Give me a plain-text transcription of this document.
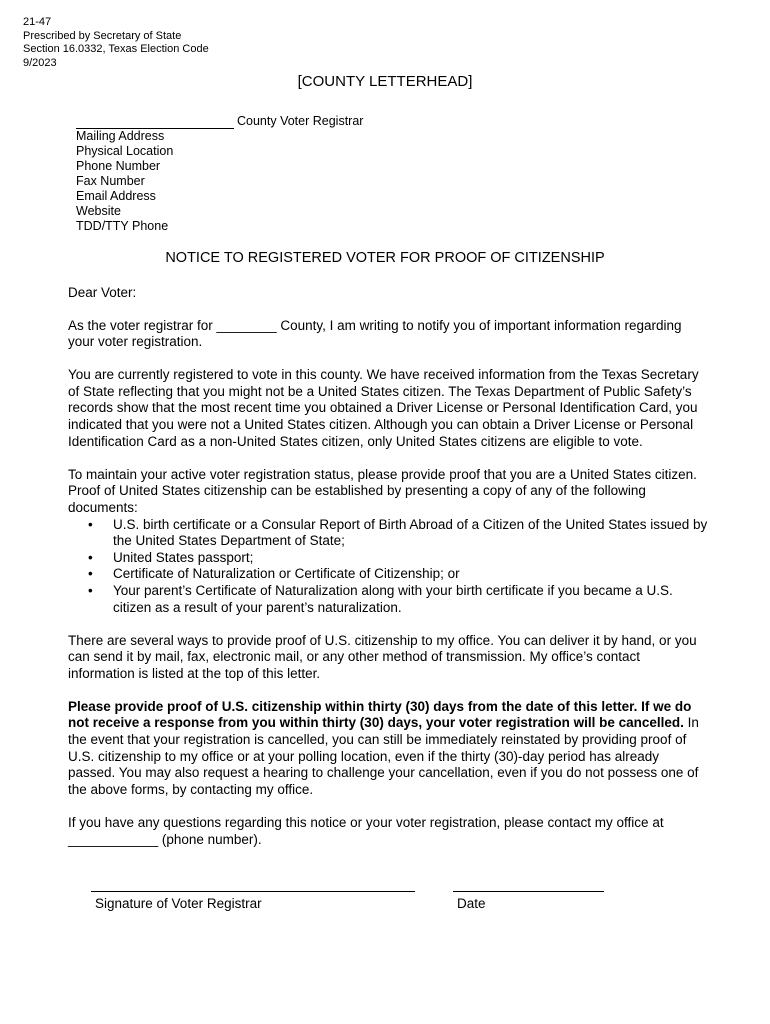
21-47
Prescribed by Secretary of State
Section 16.0332, Texas Election Code
9/2023
[COUNTY LETTERHEAD]
County Voter Registrar
Mailing Address
Physical Location
Phone Number
Fax Number
Email Address
Website
TDD/TTY Phone
NOTICE TO REGISTERED VOTER FOR PROOF OF CITIZENSHIP

Dear Voter:

As the voter registrar for ________ County, I am writing to notify you of important information regarding your voter registration.

You are currently registered to vote in this county. We have received information from the Texas Secretary of State reflecting that you might not be a United States citizen. The Texas Department of Public Safety’s records show that the most recent time you obtained a Driver License or Personal Identification Card, you indicated that you were not a United States citizen. Although you can obtain a Driver License or Personal Identification Card as a non-United States citizen, only United States citizens are eligible to vote.

To maintain your active voter registration status, please provide proof that you are a United States citizen. Proof of United States citizenship can be established by presenting a copy of any of the following documents:

• U.S. birth certificate or a Consular Report of Birth Abroad of a Citizen of the United States issued by the United States Department of State;
• United States passport;
• Certificate of Naturalization or Certificate of Citizenship; or
• Your parent’s Certificate of Naturalization along with your birth certificate if you became a U.S. citizen as a result of your parent’s naturalization.

There are several ways to provide proof of U.S. citizenship to my office. You can deliver it by hand, or you can send it by mail, fax, electronic mail, or any other method of transmission. My office’s contact information is listed at the top of this letter.

Please provide proof of U.S. citizenship within thirty (30) days from the date of this letter. If we do not receive a response from you within thirty (30) days, your voter registration will be cancelled. In the event that your registration is cancelled, you can still be immediately reinstated by providing proof of U.S. citizenship to my office or at your polling location, even if the thirty (30)-day period has already passed. You may also request a hearing to challenge your cancellation, even if you do not possess one of the above forms, by contacting my office.

If you have any questions regarding this notice or your voter registration, please contact my office at ____________ (phone number).

Signature of Voter Registrar	Date
